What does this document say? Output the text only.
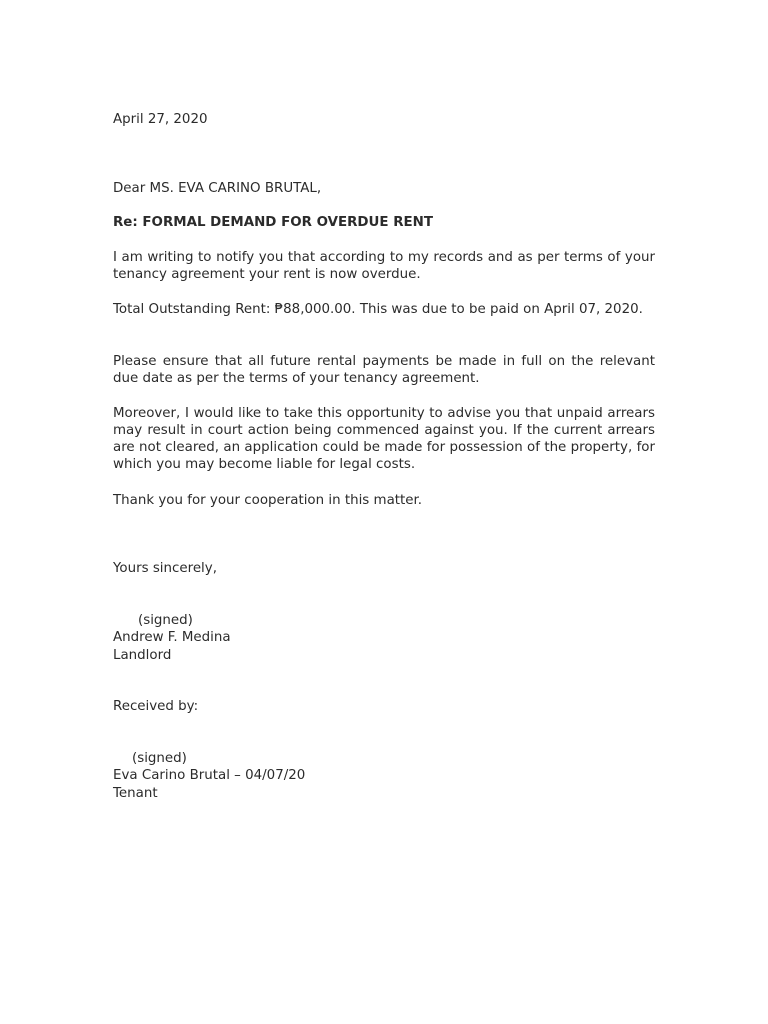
April 27, 2020
Dear MS. EVA CARINO BRUTAL,
Re: FORMAL DEMAND FOR OVERDUE RENT
I am writing to notify you that according to my records and as per terms of your tenancy agreement your rent is now overdue.
Total Outstanding Rent: ₱88,000.00. This was due to be paid on April 07, 2020.
Please ensure that all future rental payments be made in full on the relevant due date as per the terms of your tenancy agreement.
Moreover, I would like to take this opportunity to advise you that unpaid arrears may result in court action being commenced against you. If the current arrears are not cleared, an application could be made for possession of the property, for which you may become liable for legal costs.
Thank you for your cooperation in this matter.
Yours sincerely,
(signed)
Andrew F. Medina
Landlord
Received by:
(signed)
Eva Carino Brutal – 04/07/20
Tenant
